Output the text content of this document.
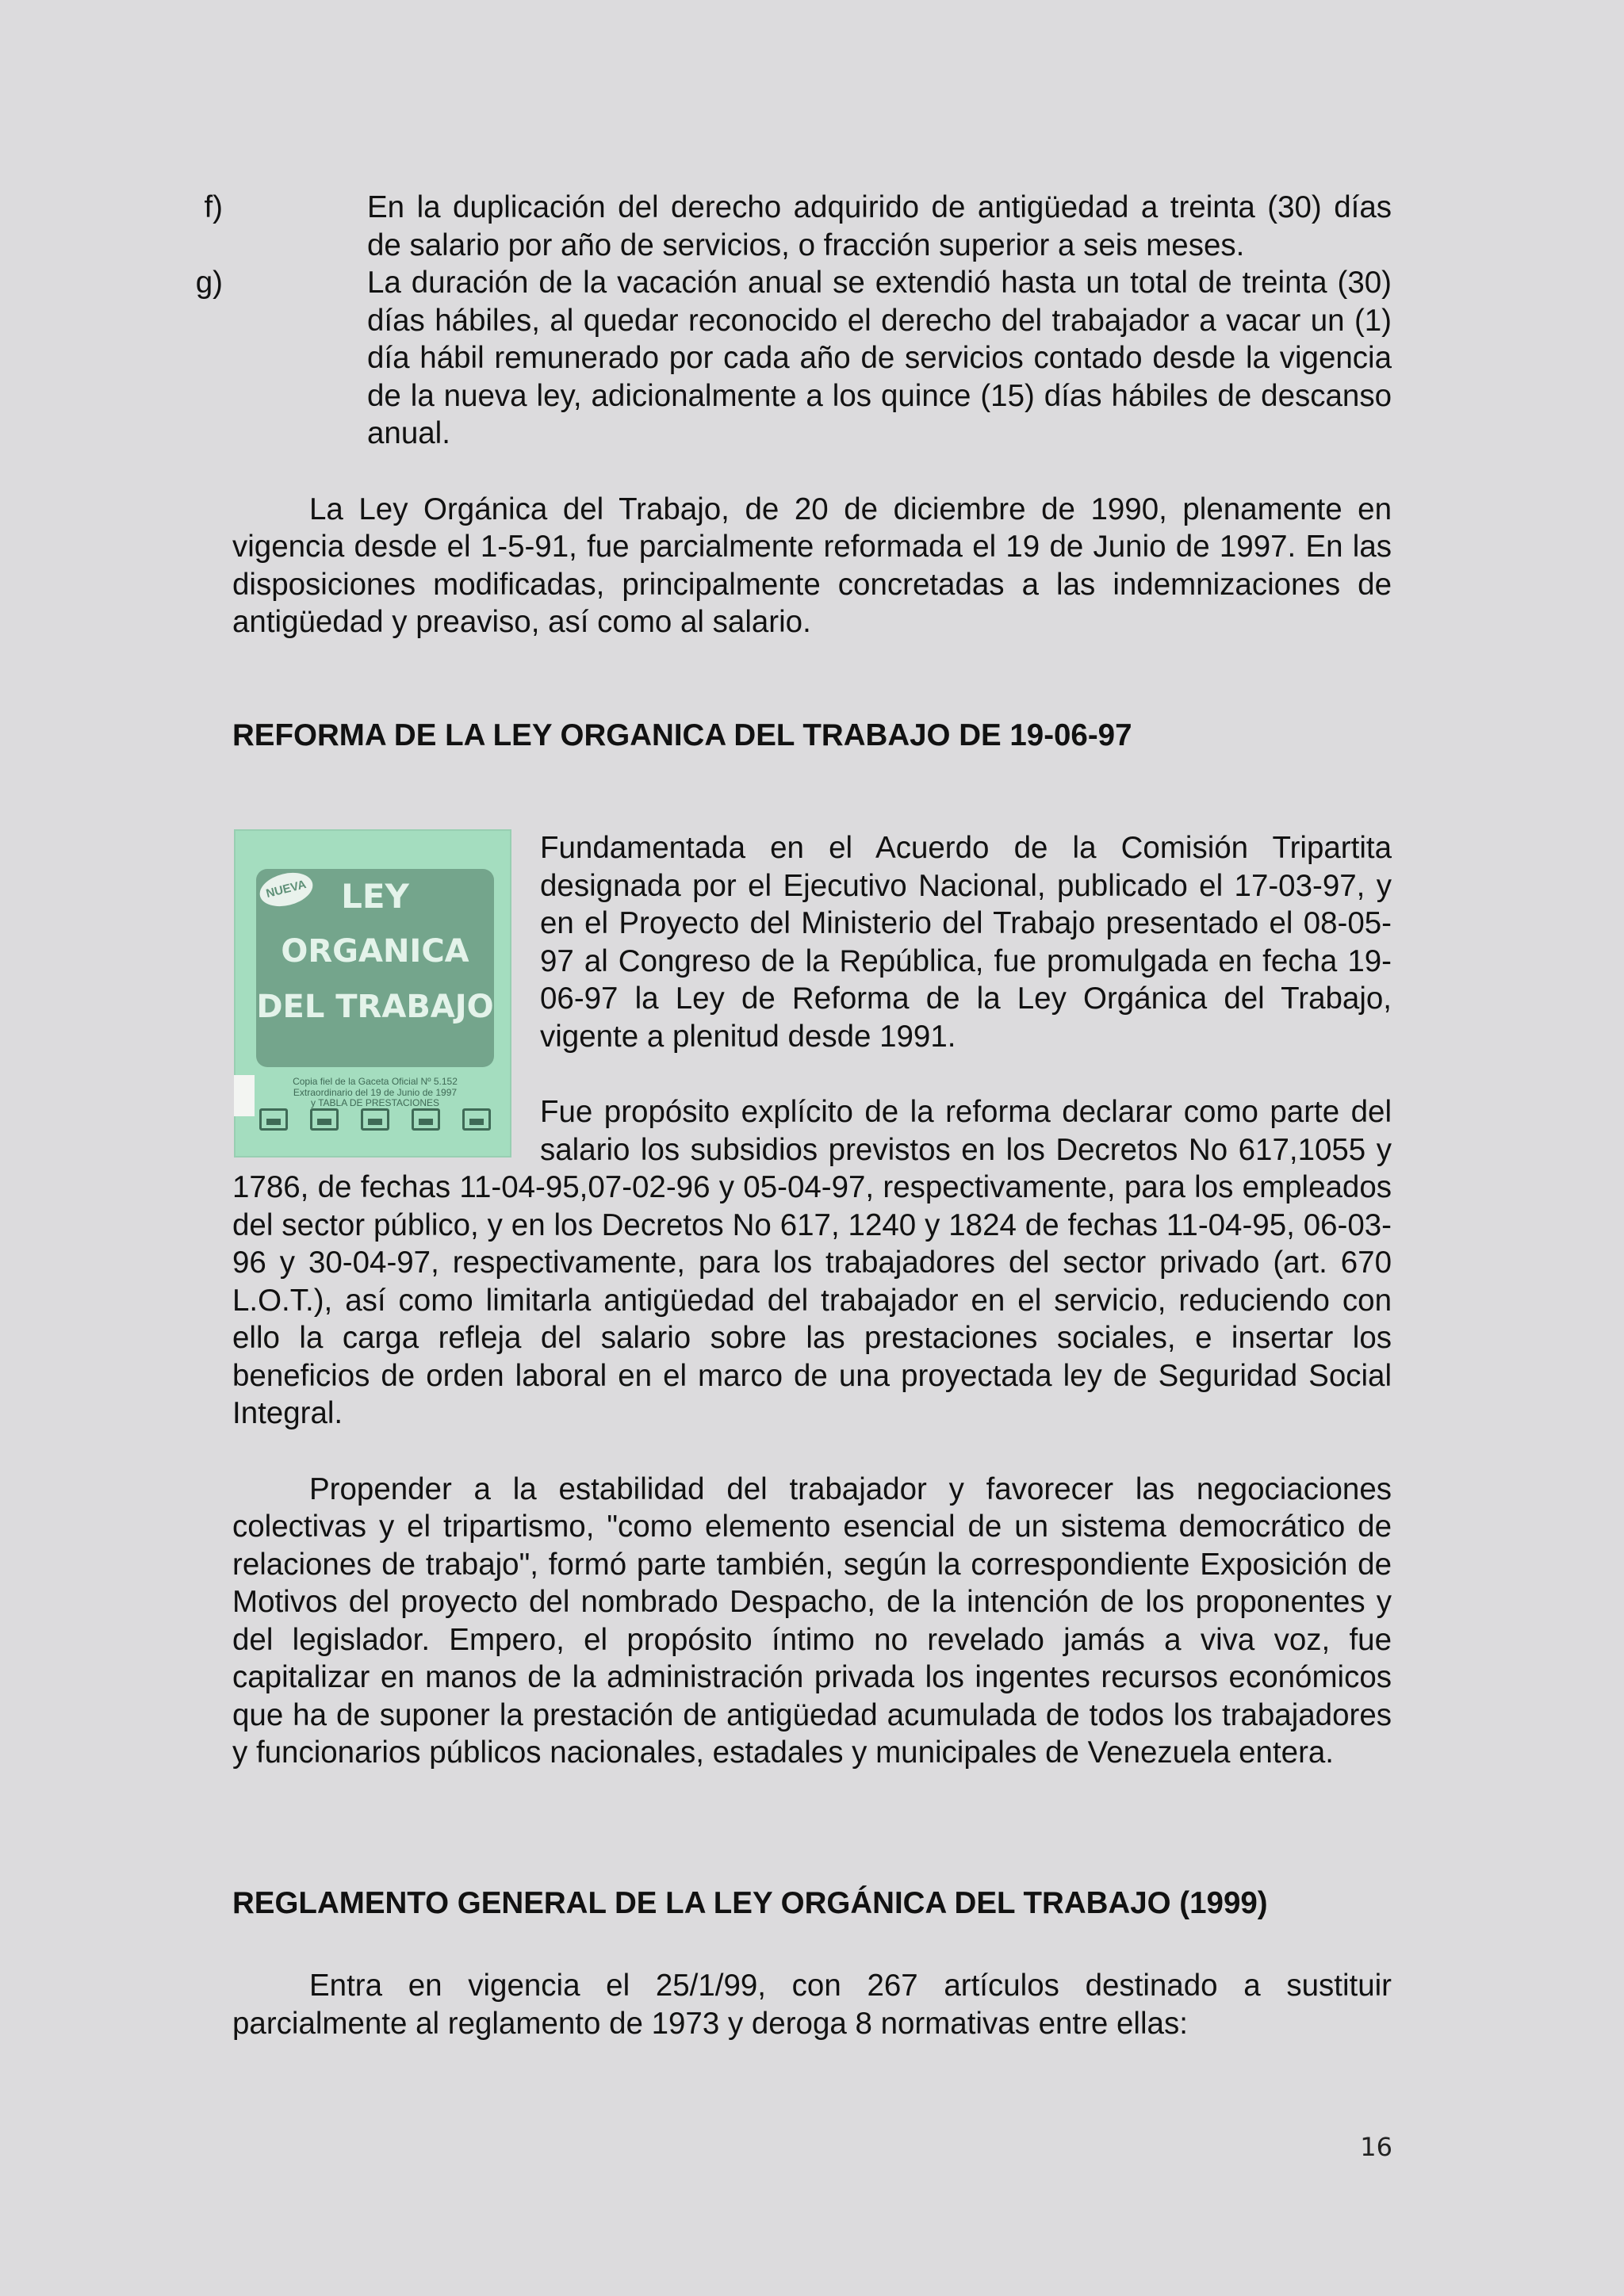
f)	En la duplicación del derecho adquirido de antigüedad a treinta (30) días de salario por año de servicios, o fracción superior a seis meses.
g)	La duración de la vacación anual se extendió hasta un total de treinta (30) días hábiles, al quedar reconocido el derecho del trabajador a vacar un (1) día hábil remunerado por cada año de servicios contado desde la vigencia de la nueva ley, adicionalmente a los quince (15) días hábiles de descanso anual.

La Ley Orgánica del Trabajo, de 20 de diciembre de 1990, plenamente en vigencia desde el 1-5-91, fue parcialmente reformada el 19 de Junio de 1997. En las disposiciones modificadas, principalmente concretadas a las indemnizaciones de antigüedad y preaviso, así como al salario.

REFORMA DE LA LEY ORGANICA DEL TRABAJO DE 19-06-97
NUEVA	LEY
ORGANICA
DEL TRABAJO
Copia fiel de la Gaceta Oficial Nº 5.152
Extraordinario del 19 de Junio de 1997
y TABLA DE PRESTACIONES

Fundamentada en el Acuerdo de la Comisión Tripartita designada por el Ejecutivo Nacional, publicado el 17-03-97, y en el Proyecto del Ministerio del Trabajo presentado el 08-05-97 al Congreso de la República, fue promulgada en fecha 19-06-97 la Ley de Reforma de la Ley Orgánica del Trabajo, vigente a plenitud desde 1991.

Fue propósito explícito de la reforma declarar como parte del salario los subsidios previstos en los Decretos No 617,1055 y 1786, de fechas 11-04-95,07-02-96 y 05-04-97, respectivamente, para los empleados del sector público, y en los Decretos No 617, 1240 y 1824 de fechas 11-04-95, 06-03-96 y 30-04-97, respectivamente, para los trabajadores del sector privado (art. 670 L.O.T.), así como limitarla antigüedad del trabajador en el servicio, reduciendo con ello la carga refleja del salario sobre las prestaciones sociales, e insertar los beneficios de orden laboral en el marco de una proyectada ley de Seguridad Social Integral.

Propender a la estabilidad del trabajador y favorecer las negociaciones colectivas y el tripartismo, "como elemento esencial de un sistema democrático de relaciones de trabajo", formó parte también, según la correspondiente Exposición de Motivos del proyecto del nombrado Despacho, de la intención de los proponentes y del legislador. Empero, el propósito íntimo no revelado jamás a viva voz, fue capitalizar en manos de la administración privada los ingentes recursos económicos que ha de suponer la prestación de antigüedad acumulada de todos los trabajadores y funcionarios públicos nacionales, estadales y municipales de Venezuela entera.

REGLAMENTO GENERAL DE LA LEY ORGÁNICA DEL TRABAJO (1999)

Entra en vigencia el 25/1/99, con 267 artículos destinado a sustituir parcialmente al reglamento de 1973 y deroga 8 normativas entre ellas:

16
